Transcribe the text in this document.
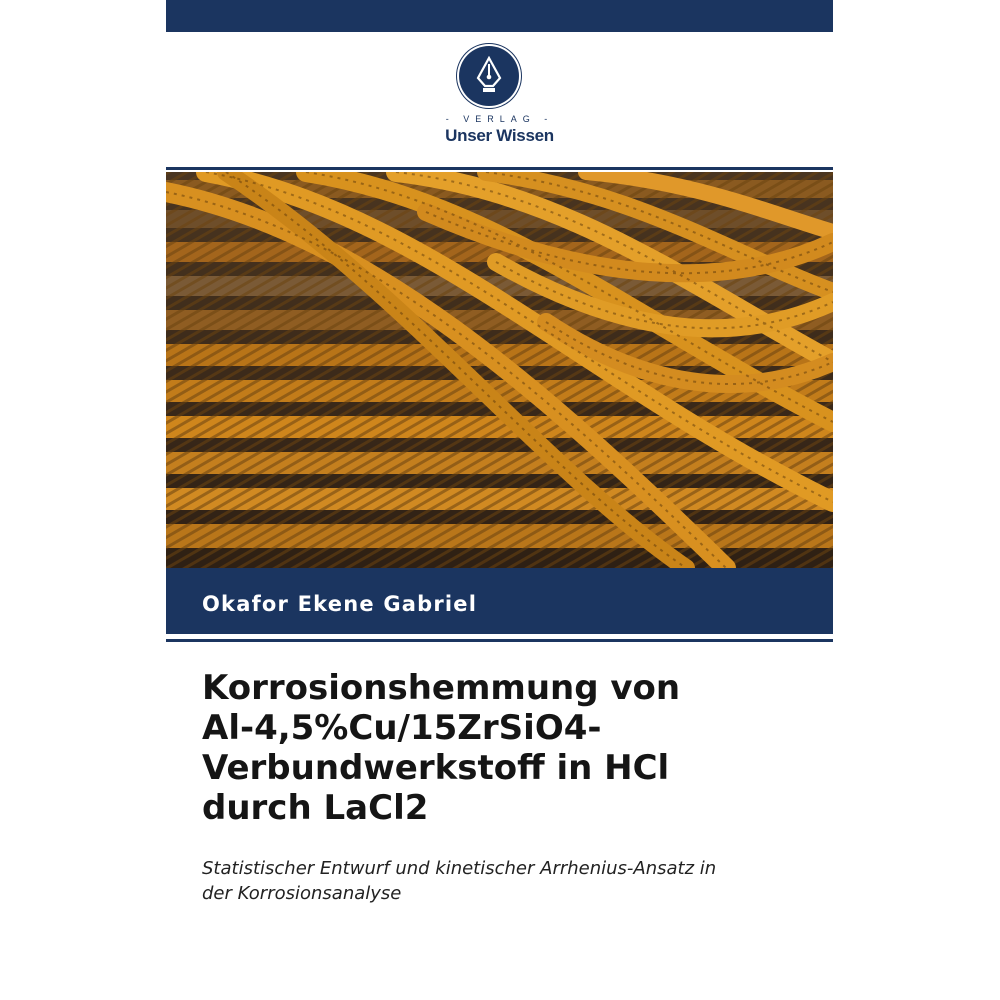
- VERLAG -
Unser Wissen
Okafor Ekene Gabriel
Korrosionshemmung von
Al-4,5%Cu/15ZrSiO4-
Verbundwerkstoff in HCl
durch LaCl2
Statistischer Entwurf und kinetischer Arrhenius-Ansatz in
der Korrosionsanalyse
